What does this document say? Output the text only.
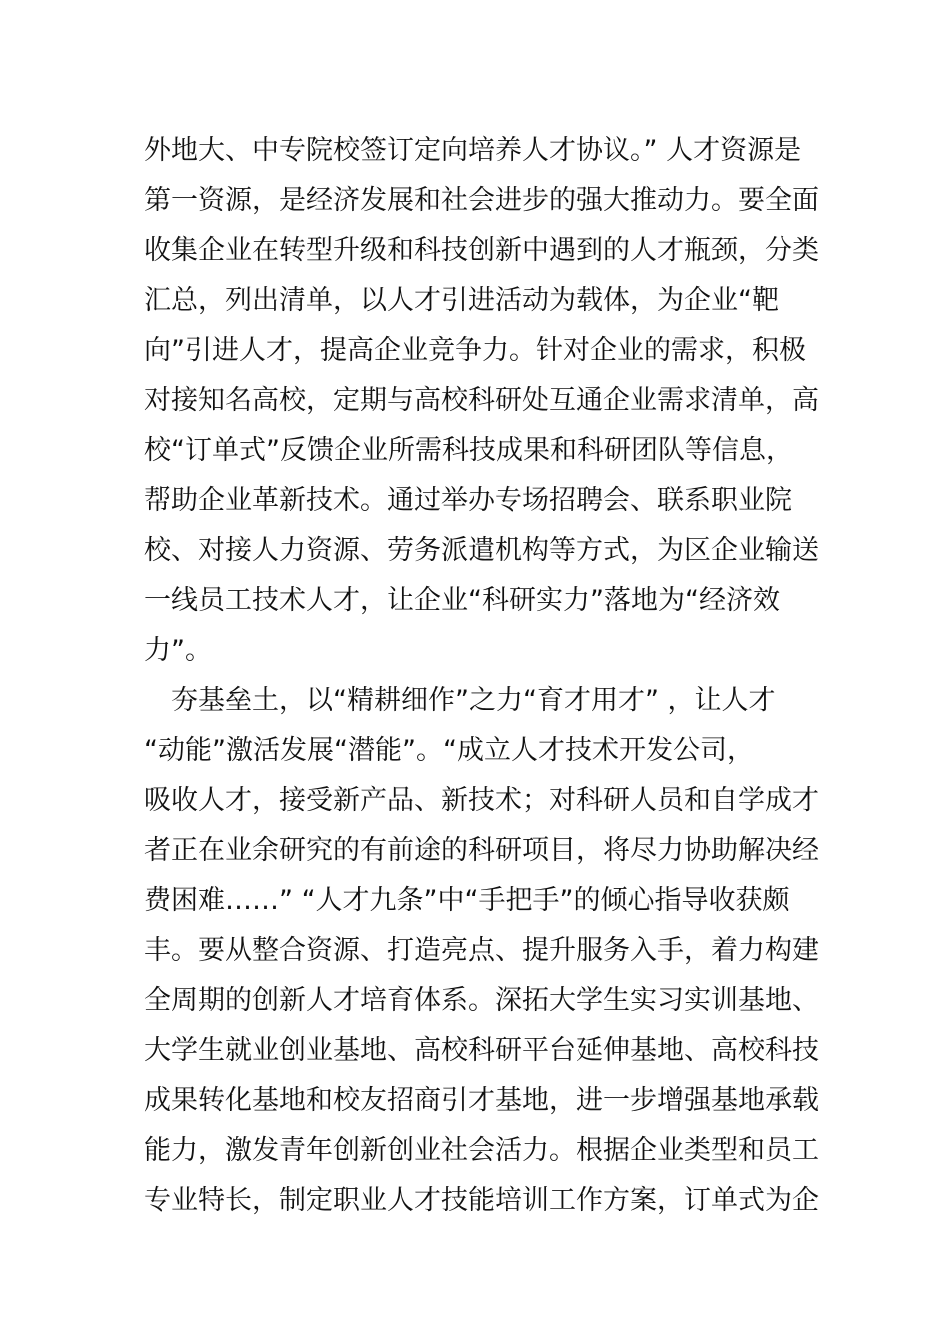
外地大、中专院校签订定向培养人才协议。” 人才资源是
第一资源，是经济发展和社会进步的强大推动力。要全面
收集企业在转型升级和科技创新中遇到的人才瓶颈，分类
汇总，列出清单，以人才引进活动为载体，为企业“靶
向”引进人才，提高企业竞争力。针对企业的需求，积极
对接知名高校，定期与高校科研处互通企业需求清单，高
校“订单式”反馈企业所需科技成果和科研团队等信息，
帮助企业革新技术。通过举办专场招聘会、联系职业院
校、对接人力资源、劳务派遣机构等方式，为区企业输送
一线员工技术人才，让企业“科研实力”落地为“经济效
力”。
夯基垒土，以“精耕细作”之力“育才用才” ，让人才
“动能”激活发展“潜能”。“成立人才技术开发公司，
吸收人才，接受新产品、新技术；对科研人员和自学成才
者正在业余研究的有前途的科研项目，将尽力协助解决经
费困难……” “人才九条”中“手把手”的倾心指导收获颇
丰。要从整合资源、打造亮点、提升服务入手，着力构建
全周期的创新人才培育体系。深拓大学生实习实训基地、
大学生就业创业基地、高校科研平台延伸基地、高校科技
成果转化基地和校友招商引才基地，进一步增强基地承载
能力，激发青年创新创业社会活力。根据企业类型和员工
专业特长，制定职业人才技能培训工作方案，订单式为企
